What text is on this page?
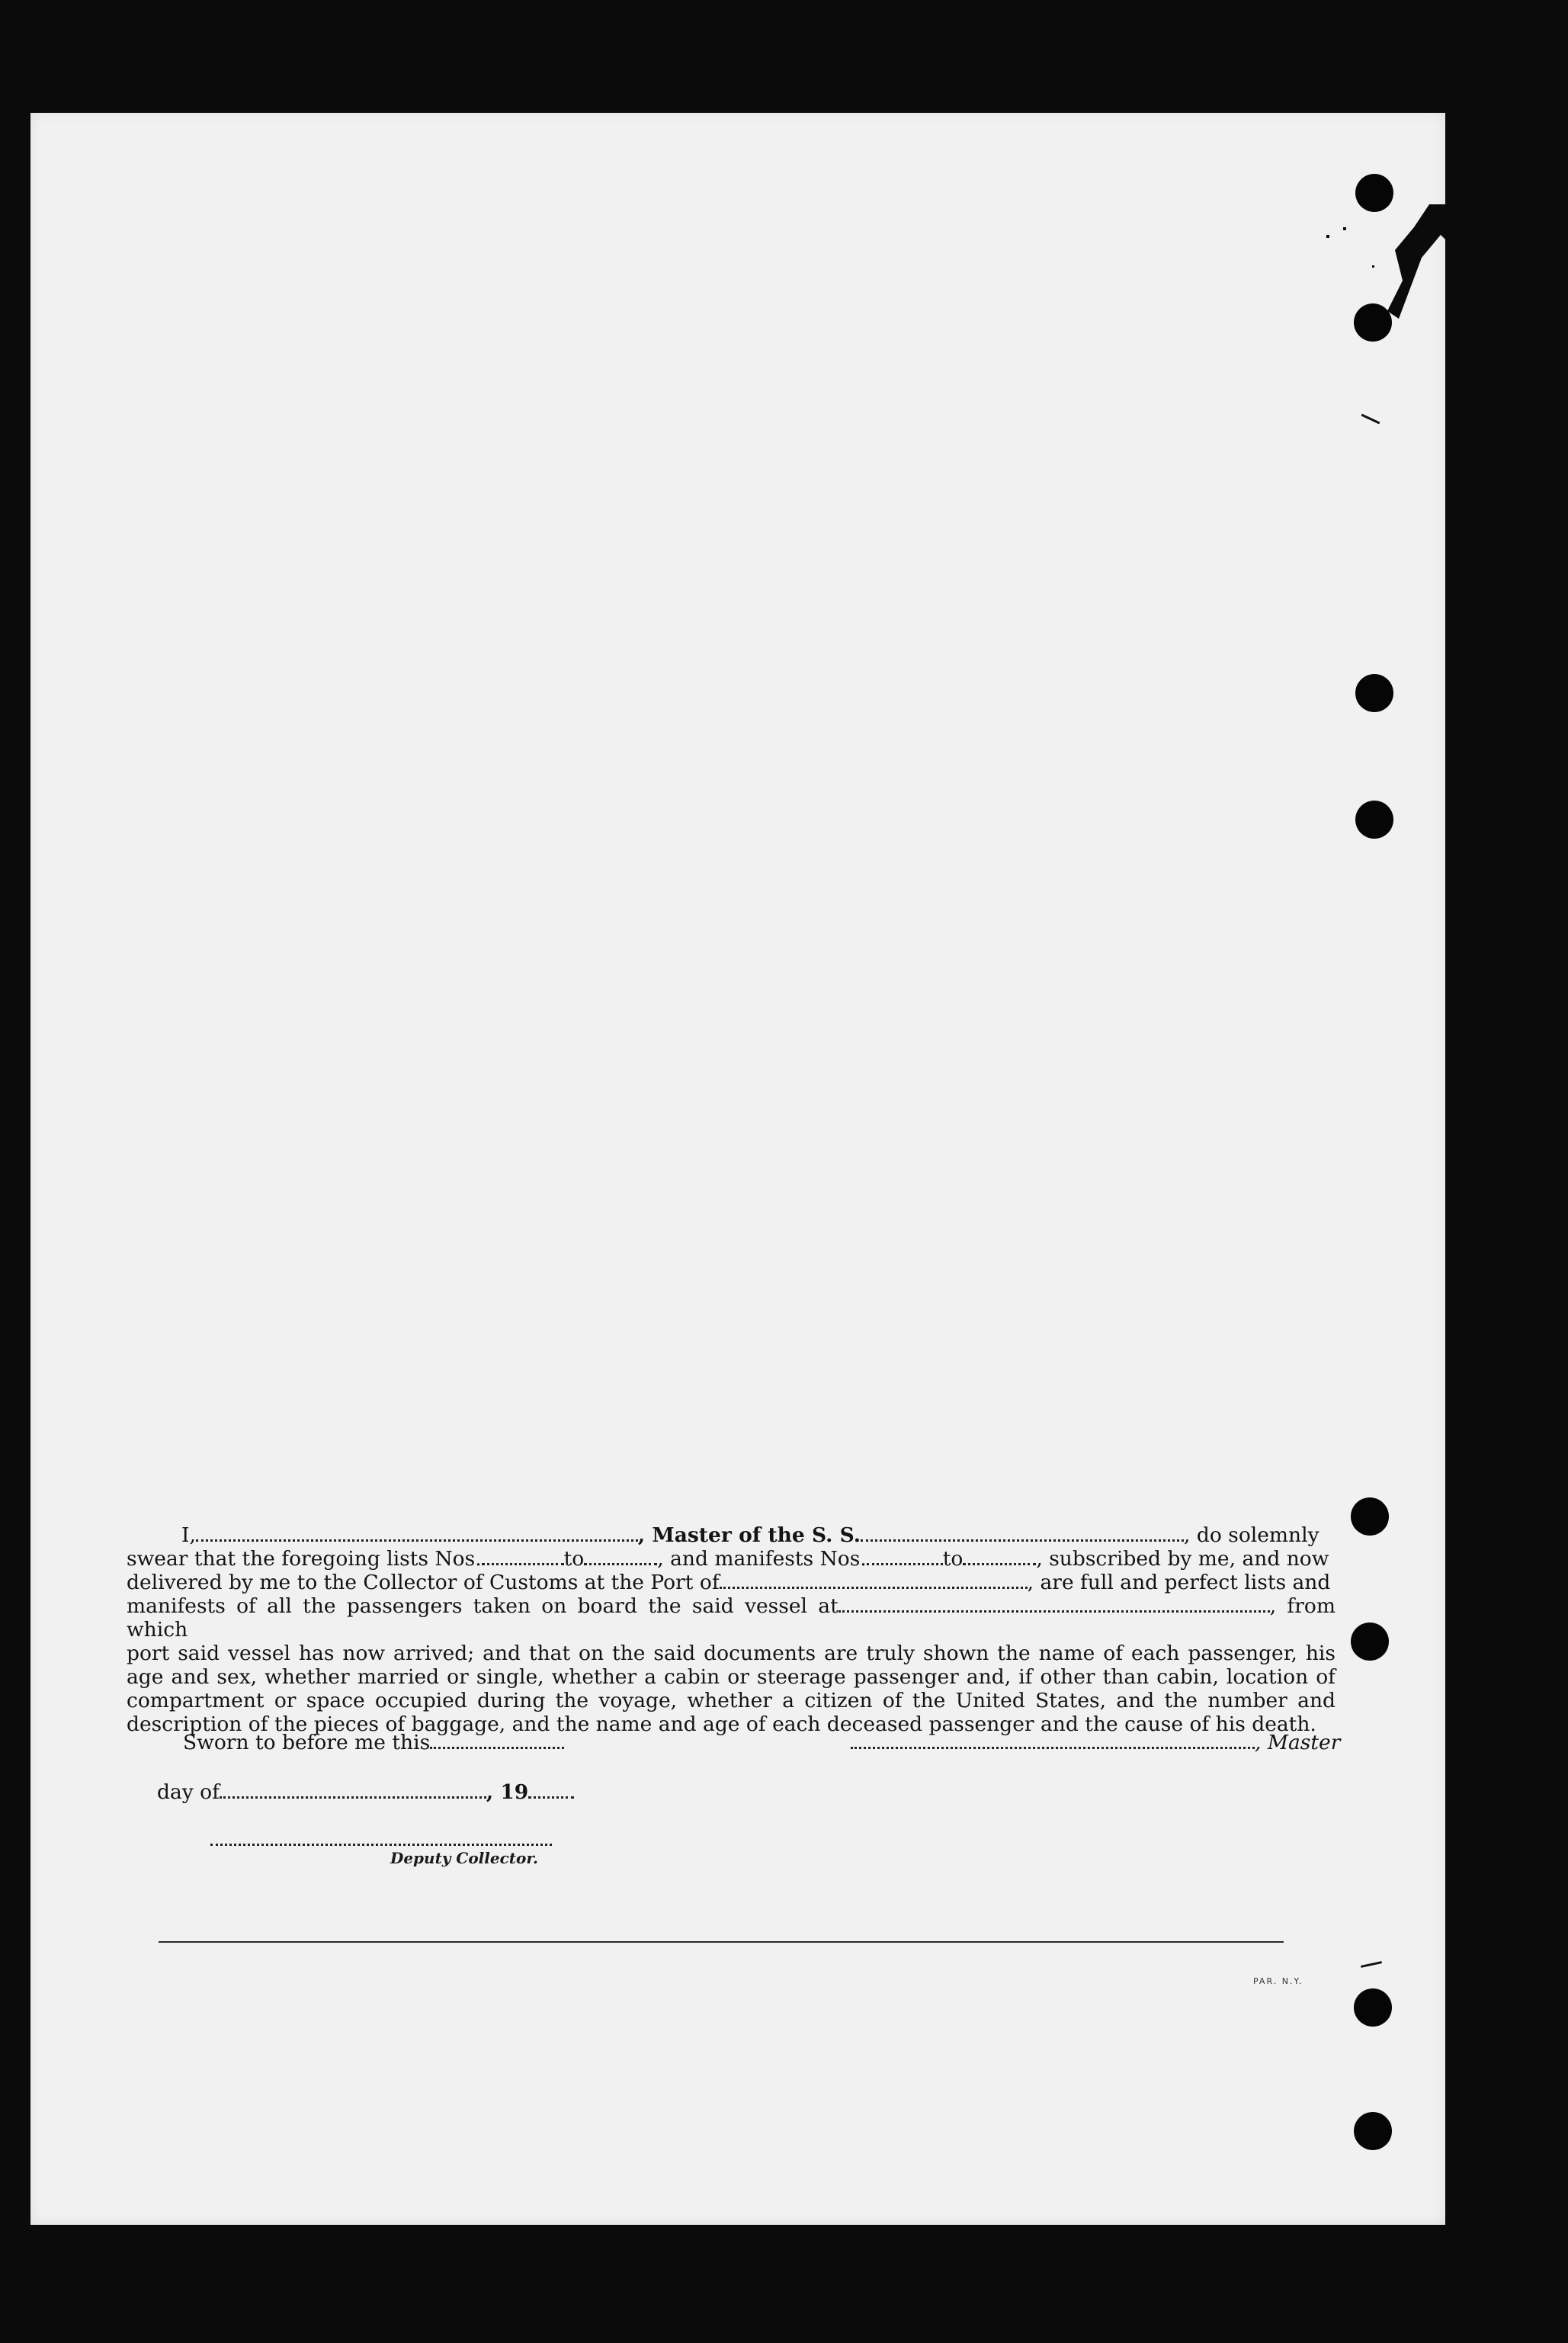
I,	, Master of the S. S.	, do solemnly

swear that the foregoing lists Nos.	to	, and manifests Nos.	to	, subscribed by me, and now
delivered by me to the Collector of Customs at the Port of	, are full and perfect lists and
manifests of all the passengers taken on board the said vessel at	, from which
port said vessel has now arrived; and that on the said documents are truly shown the name of each passenger, his age and sex, whether married or single, whether a cabin or steerage passenger and, if other than cabin, location of compartment or space occupied during the voyage, whether a citizen of the United States, and the number and description of the pieces of baggage, and the name and age of each deceased passenger and the cause of his death.
Sworn to before me this	, Master
day of	, 19
Deputy Collector.
PAR. N.Y.
